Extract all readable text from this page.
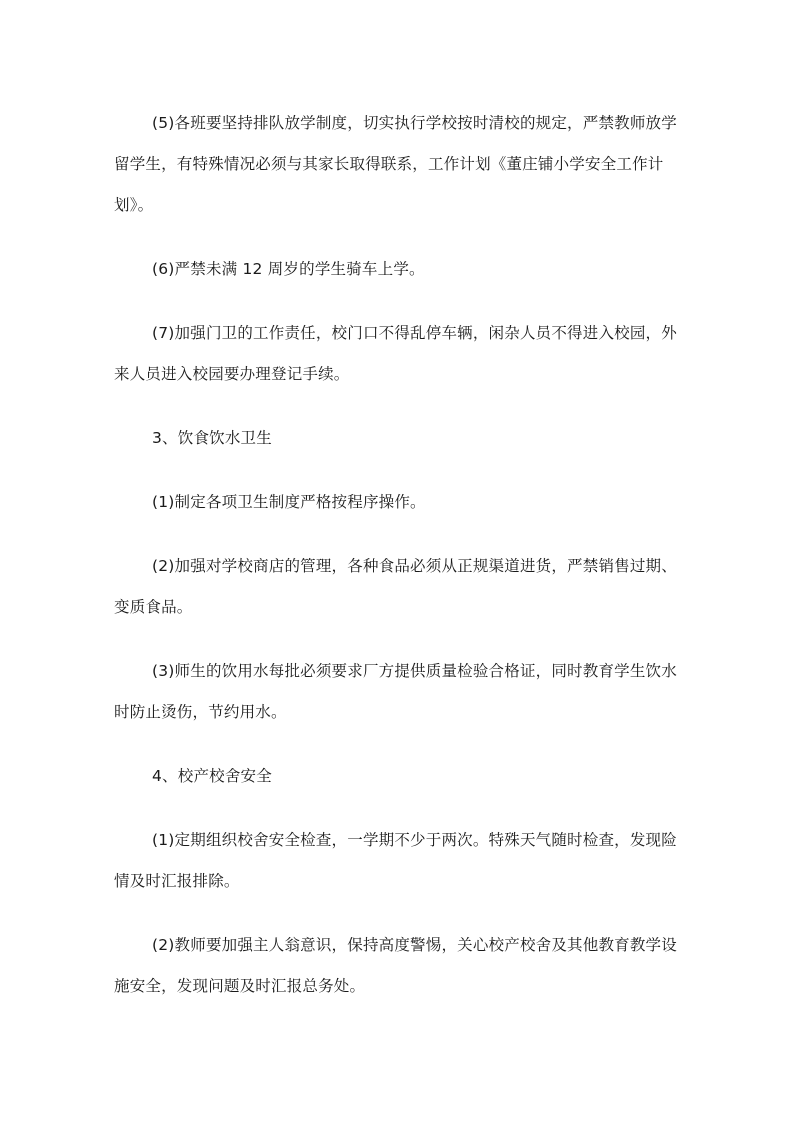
(5)各班要坚持排队放学制度，切实执行学校按时清校的规定，严禁教师放学留学生，有特殊情况必须与其家长取得联系，工作计划《董庄铺小学安全工作计划》。

(6)严禁未满 12 周岁的学生骑车上学。

(7)加强门卫的工作责任，校门口不得乱停车辆，闲杂人员不得进入校园，外来人员进入校园要办理登记手续。

3、饮食饮水卫生

(1)制定各项卫生制度严格按程序操作。

(2)加强对学校商店的管理，各种食品必须从正规渠道进货，严禁销售过期、变质食品。

(3)师生的饮用水每批必须要求厂方提供质量检验合格证，同时教育学生饮水时防止烫伤，节约用水。

4、校产校舍安全

(1)定期组织校舍安全检查，一学期不少于两次。特殊天气随时检查，发现险情及时汇报排除。

(2)教师要加强主人翁意识，保持高度警惕，关心校产校舍及其他教育教学设施安全，发现问题及时汇报总务处。
